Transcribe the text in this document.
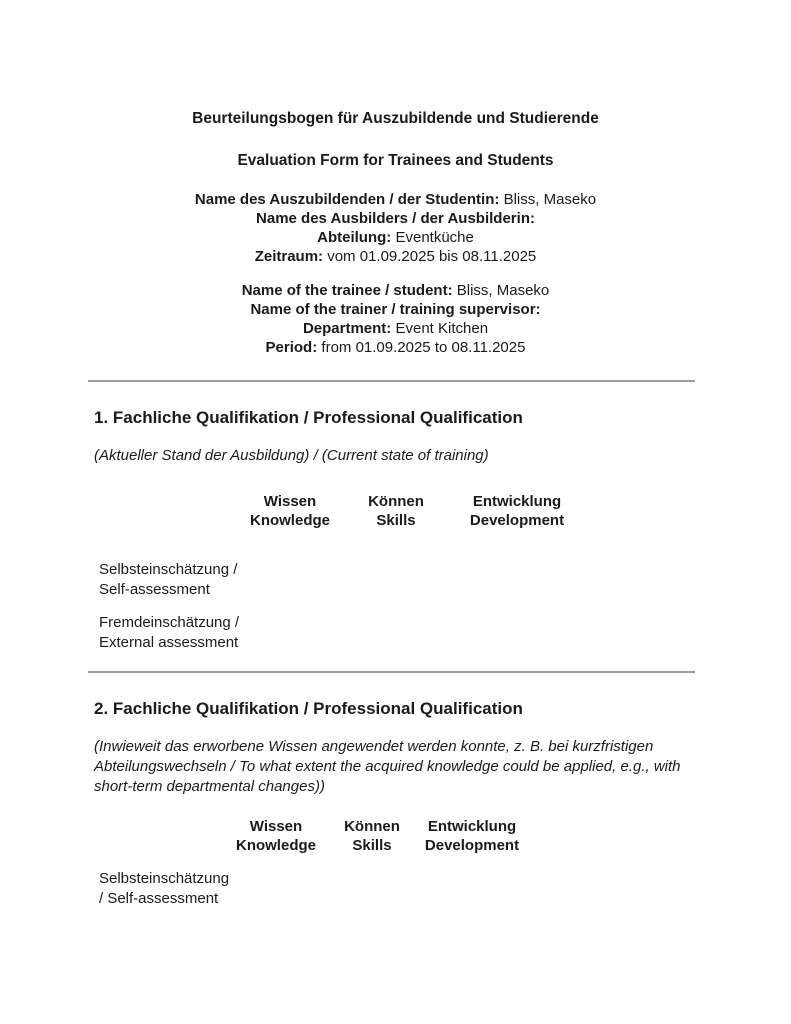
Beurteilungsbogen für Auszubildende und Studierende

Evaluation Form for Trainees and Students

Name des Auszubildenden / der Studentin: Bliss, Maseko
Name des Ausbilders / der Ausbilderin:
Abteilung: Eventküche
Zeitraum: vom 01.09.2025 bis 08.11.2025
Name of the trainee / student: Bliss, Maseko
Name of the trainer / training supervisor:
Department: Event Kitchen
Period: from 01.09.2025 to 08.11.2025

1. Fachliche Qualifikation / Professional Qualification

(Aktueller Stand der Ausbildung) / (Current state of training)

Wissen
Knowledge
Können
Skills
Entwicklung
Development
Selbsteinschätzung /
Self-assessment
Fremdeinschätzung /
External assessment

2. Fachliche Qualifikation / Professional Qualification

(Inwieweit das erworbene Wissen angewendet werden konnte, z. B. bei kurzfristigen Abteilungswechseln / To what extent the acquired knowledge could be applied, e.g., with short-term departmental changes))

Wissen
Knowledge
Können
Skills
Entwicklung
Development
Selbsteinschätzung
/ Self-assessment
